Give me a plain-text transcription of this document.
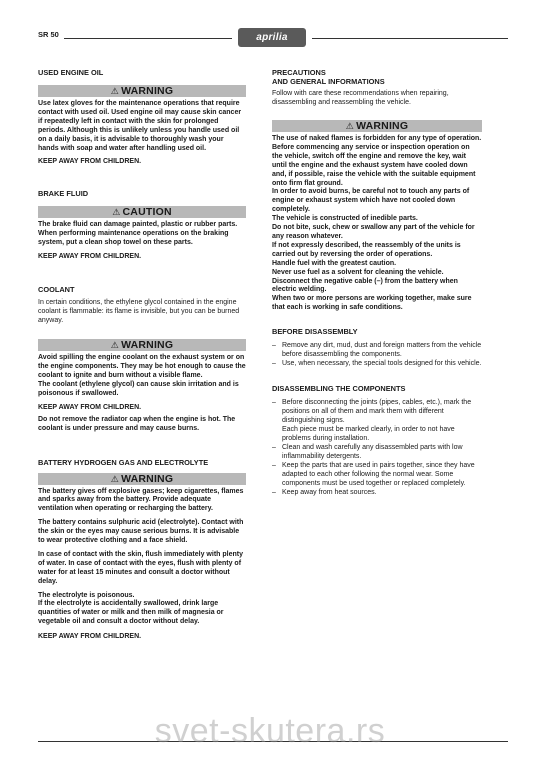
SR 50	aprilia
USED ENGINE OIL
⚠ WARNING

Use latex gloves for the maintenance operations that require contact with used oil. Used engine oil may cause skin cancer if repeatedly left in contact with the skin for prolonged periods. Although this is unlikely unless you handle used oil on a daily basis, it is advisable to thoroughly wash your hands with soap and water after handling used oil.

KEEP AWAY FROM CHILDREN.

BRAKE FLUID
⚠ CAUTION

The brake fluid can damage painted, plastic or rubber parts. When performing maintenance operations on the braking system, put a clean shop towel on these parts.

KEEP AWAY FROM CHILDREN.

COOLANT

In certain conditions, the ethylene glycol contained in the engine coolant is flammable: its flame is invisible, but you can be burned anyway.

⚠ WARNING

Avoid spilling the engine coolant on the exhaust system or on the engine components. They may be hot enough to cause the coolant to ignite and burn without a visible flame.

The coolant (ethylene glycol) can cause skin irritation and is poisonous if swallowed.

KEEP AWAY FROM CHILDREN.

Do not remove the radiator cap when the engine is hot. The coolant is under pressure and may cause burns.

BATTERY HYDROGEN GAS AND ELECTROLYTE
⚠ WARNING

The battery gives off explosive gases; keep cigarettes, flames and sparks away from the battery. Provide adequate ventilation when operating or recharging the battery.

The battery contains sulphuric acid (electrolyte). Contact with the skin or the eyes may cause serious burns. It is advisable to wear protective clothing and a face shield.

In case of contact with the skin, flush immediately with plenty of water. In case of contact with the eyes, flush with plenty of water for at least 15 minutes and consult a doctor without delay.

The electrolyte is poisonous.

If the electrolyte is accidentally swallowed, drink large quantities of water or milk and then milk of magnesia or vegetable oil and consult a doctor without delay.

KEEP AWAY FROM CHILDREN.

PRECAUTIONS
AND GENERAL INFORMATIONS

Follow with care these recommendations when repairing, disassembling and reassembling the vehicle.

⚠ WARNING
The use of naked flames is forbidden for any type of operation.
Before commencing any service or inspection operation on the vehicle, switch off the engine and remove the key, wait until the engine and the exhaust system have cooled down and, if possible, raise the vehicle with the suitable equipment onto firm flat ground.
In order to avoid burns, be careful not to touch any parts of engine or exhaust system which have not cooled down completely.
The vehicle is constructed of inedible parts.
Do not bite, suck, chew or swallow any part of the vehicle for any reason whatever.
If not expressly described, the reassembly of the units is carried out by reversing the order of operations.
Handle fuel with the greatest caution.
Never use fuel as a solvent for cleaning the vehicle.
Disconnect the negative cable (–) from the battery when electric welding.
When two or more persons are working together, make sure that each is working in safe conditions.
BEFORE DISASSEMBLY
– Remove any dirt, mud, dust and foreign matters from the vehicle before disassembling the components.
– Use, when necessary, the special tools designed for this vehicle.
DISASSEMBLING THE COMPONENTS
– Before disconnecting the joints (pipes, cables, etc.), mark the positions on all of them and mark them with different distinguishing signs.
Each piece must be marked clearly, in order to not have problems during installation.
– Clean and wash carefully any disassembled parts with low inflammability detergents.
– Keep the parts that are used in pairs together, since they have adapted to each other following the normal wear. Some components must be used together or replaced completely.
– Keep away from heat sources.
svet-skutera.rs
